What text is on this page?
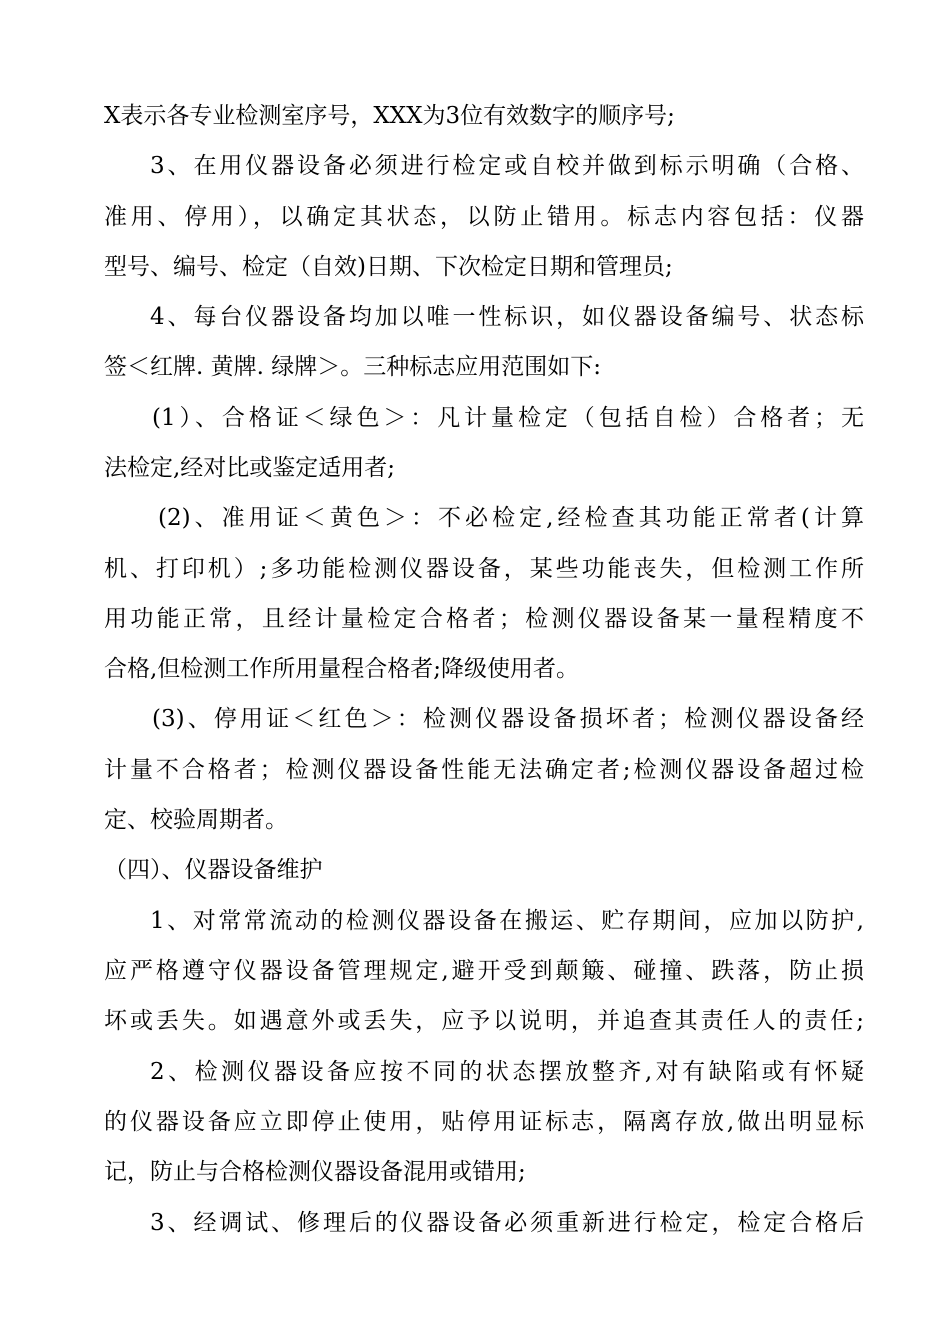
X表示各专业检测室序号，XXX为3位有效数字的顺序号;
3、在用仪器设备必须进行检定或自校并做到标示明确（合格、
准用、停用），以确定其状态，以防止错用。标志内容包括：仪器
型号、编号、检定（自效)日期、下次检定日期和管理员;
4、每台仪器设备均加以唯一性标识，如仪器设备编号、状态标
签＜红牌. 黄牌. 绿牌＞。三种标志应用范围如下:
(1）、合格证＜绿色＞：凡计量检定（包括自检）合格者；无
法检定,经对比或鉴定适用者;
(2)、准用证＜黄色＞：不必检定,经检查其功能正常者(计算
机、打印机）;多功能检测仪器设备，某些功能丧失，但检测工作所
用功能正常，且经计量检定合格者；检测仪器设备某一量程精度不
合格,但检测工作所用量程合格者;降级使用者。
(3)、停用证＜红色＞：检测仪器设备损坏者；检测仪器设备经
计量不合格者；检测仪器设备性能无法确定者;检测仪器设备超过检
定、校验周期者。
（四）、仪器设备维护
1、对常常流动的检测仪器设备在搬运、贮存期间，应加以防护,
应严格遵守仪器设备管理规定,避开受到颠簸、碰撞、跌落，防止损
坏或丢失。如遇意外或丢失，应予以说明，并追查其责任人的责任;
2、检测仪器设备应按不同的状态摆放整齐,对有缺陷或有怀疑
的仪器设备应立即停止使用，贴停用证标志，隔离存放,做出明显标
记，防止与合格检测仪器设备混用或错用;
3、经调试、修理后的仪器设备必须重新进行检定，检定合格后
